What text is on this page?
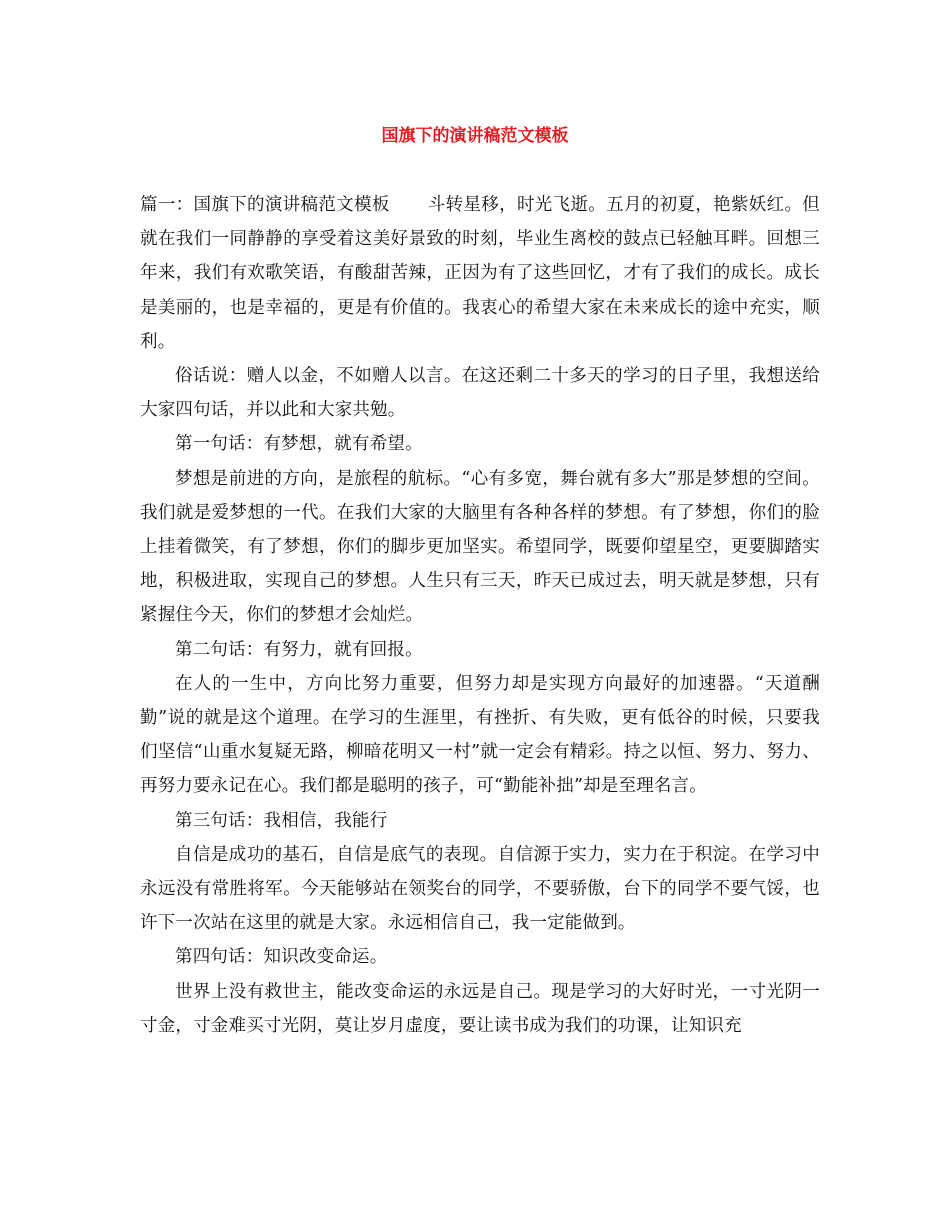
国旗下的演讲稿范文模板

篇一：国旗下的演讲稿范文模板 斗转星移，时光飞逝。五月的初夏，艳紫妖红。但就在我们一同静静的享受着这美好景致的时刻，毕业生离校的鼓点已轻触耳畔。回想三年来，我们有欢歌笑语，有酸甜苦辣，正因为有了这些回忆，才有了我们的成长。成长是美丽的，也是幸福的，更是有价值的。我衷心的希望大家在未来成长的途中充实，顺利。

俗话说：赠人以金，不如赠人以言。在这还剩二十多天的学习的日子里，我想送给大家四句话，并以此和大家共勉。

第一句话：有梦想，就有希望。

梦想是前进的方向，是旅程的航标。“心有多宽，舞台就有多大”那是梦想的空间。我们就是爱梦想的一代。在我们大家的大脑里有各种各样的梦想。有了梦想，你们的脸上挂着微笑，有了梦想，你们的脚步更加坚实。希望同学，既要仰望星空，更要脚踏实地，积极进取，实现自己的梦想。人生只有三天，昨天已成过去，明天就是梦想，只有紧握住今天，你们的梦想才会灿烂。

第二句话：有努力，就有回报。

在人的一生中，方向比努力重要，但努力却是实现方向最好的加速器。“天道酬勤”说的就是这个道理。在学习的生涯里，有挫折、有失败，更有低谷的时候，只要我们坚信“山重水复疑无路，柳暗花明又一村”就一定会有精彩。持之以恒、努力、努力、再努力要永记在心。我们都是聪明的孩子，可“勤能补拙”却是至理名言。

第三句话：我相信，我能行

自信是成功的基石，自信是底气的表现。自信源于实力，实力在于积淀。在学习中永远没有常胜将军。今天能够站在领奖台的同学，不要骄傲，台下的同学不要气馁，也许下一次站在这里的就是大家。永远相信自己，我一定能做到。

第四句话：知识改变命运。

世界上没有救世主，能改变命运的永远是自己。现是学习的大好时光，一寸光阴一寸金，寸金难买寸光阴，莫让岁月虚度，要让读书成为我们的功课，让知识充
